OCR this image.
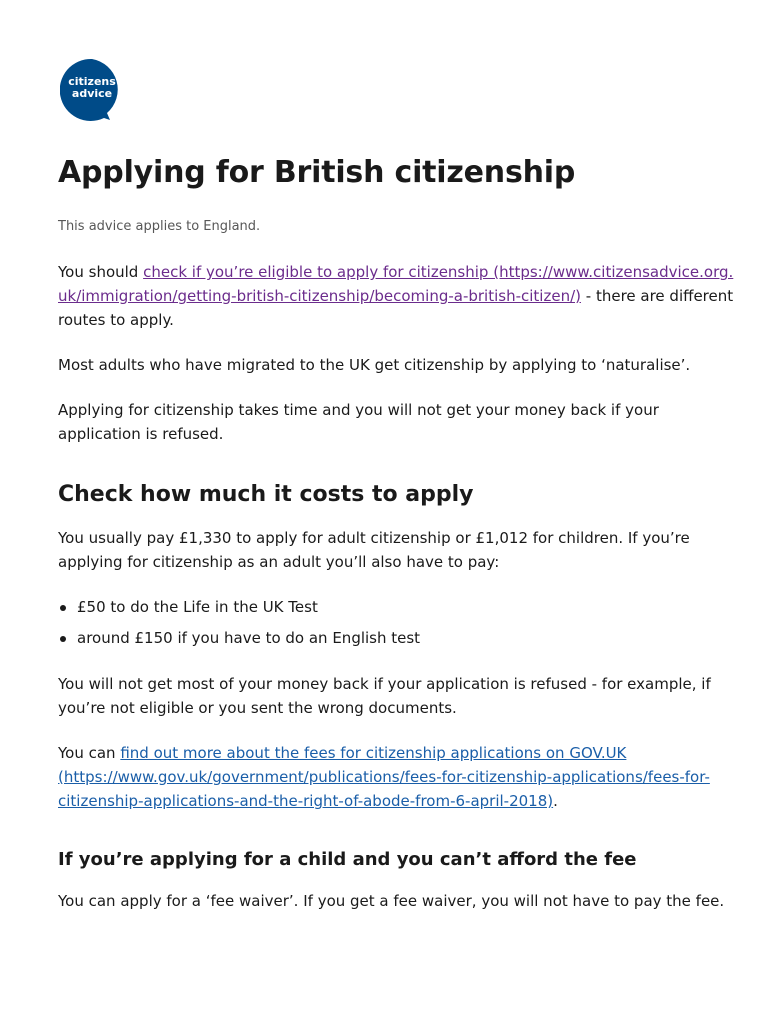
citizens
advice
Applying for British citizenship

This advice applies to England.

You should check if you’re eligible to apply for citizenship (https://www.citizensadvice.org.
uk/immigration/getting-british-citizenship/becoming-a-british-citizen/) - there are different
routes to apply.

Most adults who have migrated to the UK get citizenship by applying to ‘naturalise’.

Applying for citizenship takes time and you will not get your money back if your
application is refused.

Check how much it costs to apply

You usually pay £1,330 to apply for adult citizenship or £1,012 for children. If you’re
applying for citizenship as an adult you’ll also have to pay:

£50 to do the Life in the UK Test
around £150 if you have to do an English test

You will not get most of your money back if your application is refused - for example, if
you’re not eligible or you sent the wrong documents.

You can find out more about the fees for citizenship applications on GOV.UK
(https://www.gov.uk/government/publications/fees-for-citizenship-applications/fees-for-
citizenship-applications-and-the-right-of-abode-from-6-april-2018).

If you’re applying for a child and you can’t afford the fee

You can apply for a ‘fee waiver’. If you get a fee waiver, you will not have to pay the fee.
